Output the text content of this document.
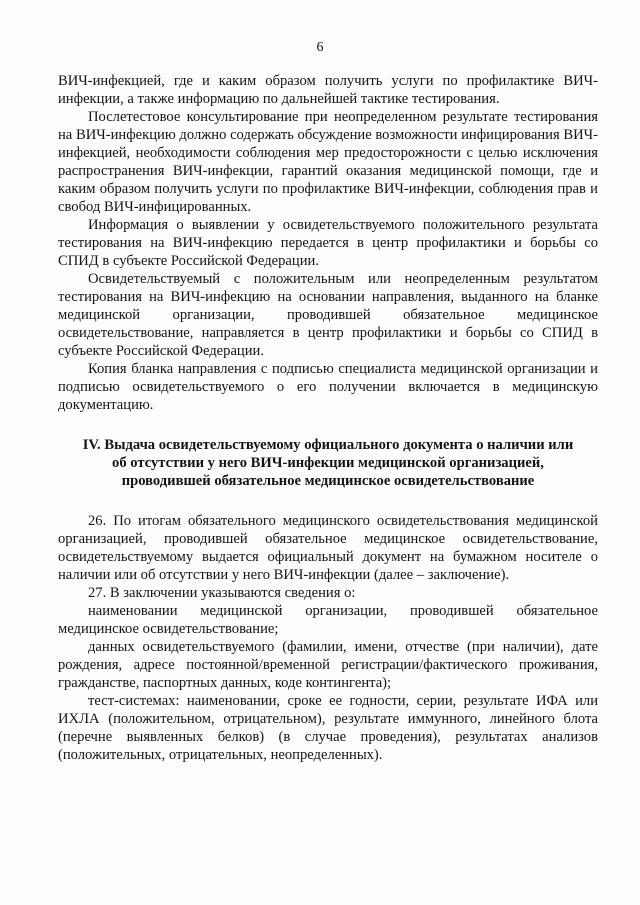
6

ВИЧ-инфекцией, где и каким образом получить услуги по профилактике ВИЧ-инфекции, а также информацию по дальнейшей тактике тестирования.

Послетестовое консультирование при неопределенном результате тестирования на ВИЧ-инфекцию должно содержать обсуждение возможности инфицирования ВИЧ-инфекцией, необходимости соблюдения мер предосторожности с целью исключения распространения ВИЧ-инфекции, гарантий оказания медицинской помощи, где и каким образом получить услуги по профилактике ВИЧ-инфекции, соблюдения прав и свобод ВИЧ-инфицированных.

Информация о выявлении у освидетельствуемого положительного результата тестирования на ВИЧ-инфекцию передается в центр профилактики и борьбы со СПИД в субъекте Российской Федерации.

Освидетельствуемый с положительным или неопределенным результатом тестирования на ВИЧ-инфекцию на основании направления, выданного на бланке медицинской организации, проводившей обязательное медицинское освидетельствование, направляется в центр профилактики и борьбы со СПИД в субъекте Российской Федерации.

Копия бланка направления с подписью специалиста медицинской организации и подписью освидетельствуемого о его получении включается в медицинскую документацию.

IV. Выдача освидетельствуемому официального документа о наличии или об отсутствии у него ВИЧ-инфекции медицинской организацией, проводившей обязательное медицинское освидетельствование

26. По итогам обязательного медицинского освидетельствования медицинской организацией, проводившей обязательное медицинское освидетельствование, освидетельствуемому выдается официальный документ на бумажном носителе о наличии или об отсутствии у него ВИЧ-инфекции (далее – заключение).

27. В заключении указываются сведения о:

наименовании медицинской организации, проводившей обязательное медицинское освидетельствование;

данных освидетельствуемого (фамилии, имени, отчестве (при наличии), дате рождения, адресе постоянной/временной регистрации/фактического проживания, гражданстве, паспортных данных, коде контингента);

тест-системах: наименовании, сроке ее годности, серии, результате ИФА или ИХЛА (положительном, отрицательном), результате иммунного, линейного блота (перечне выявленных белков) (в случае проведения), результатах анализов (положительных, отрицательных, неопределенных).
